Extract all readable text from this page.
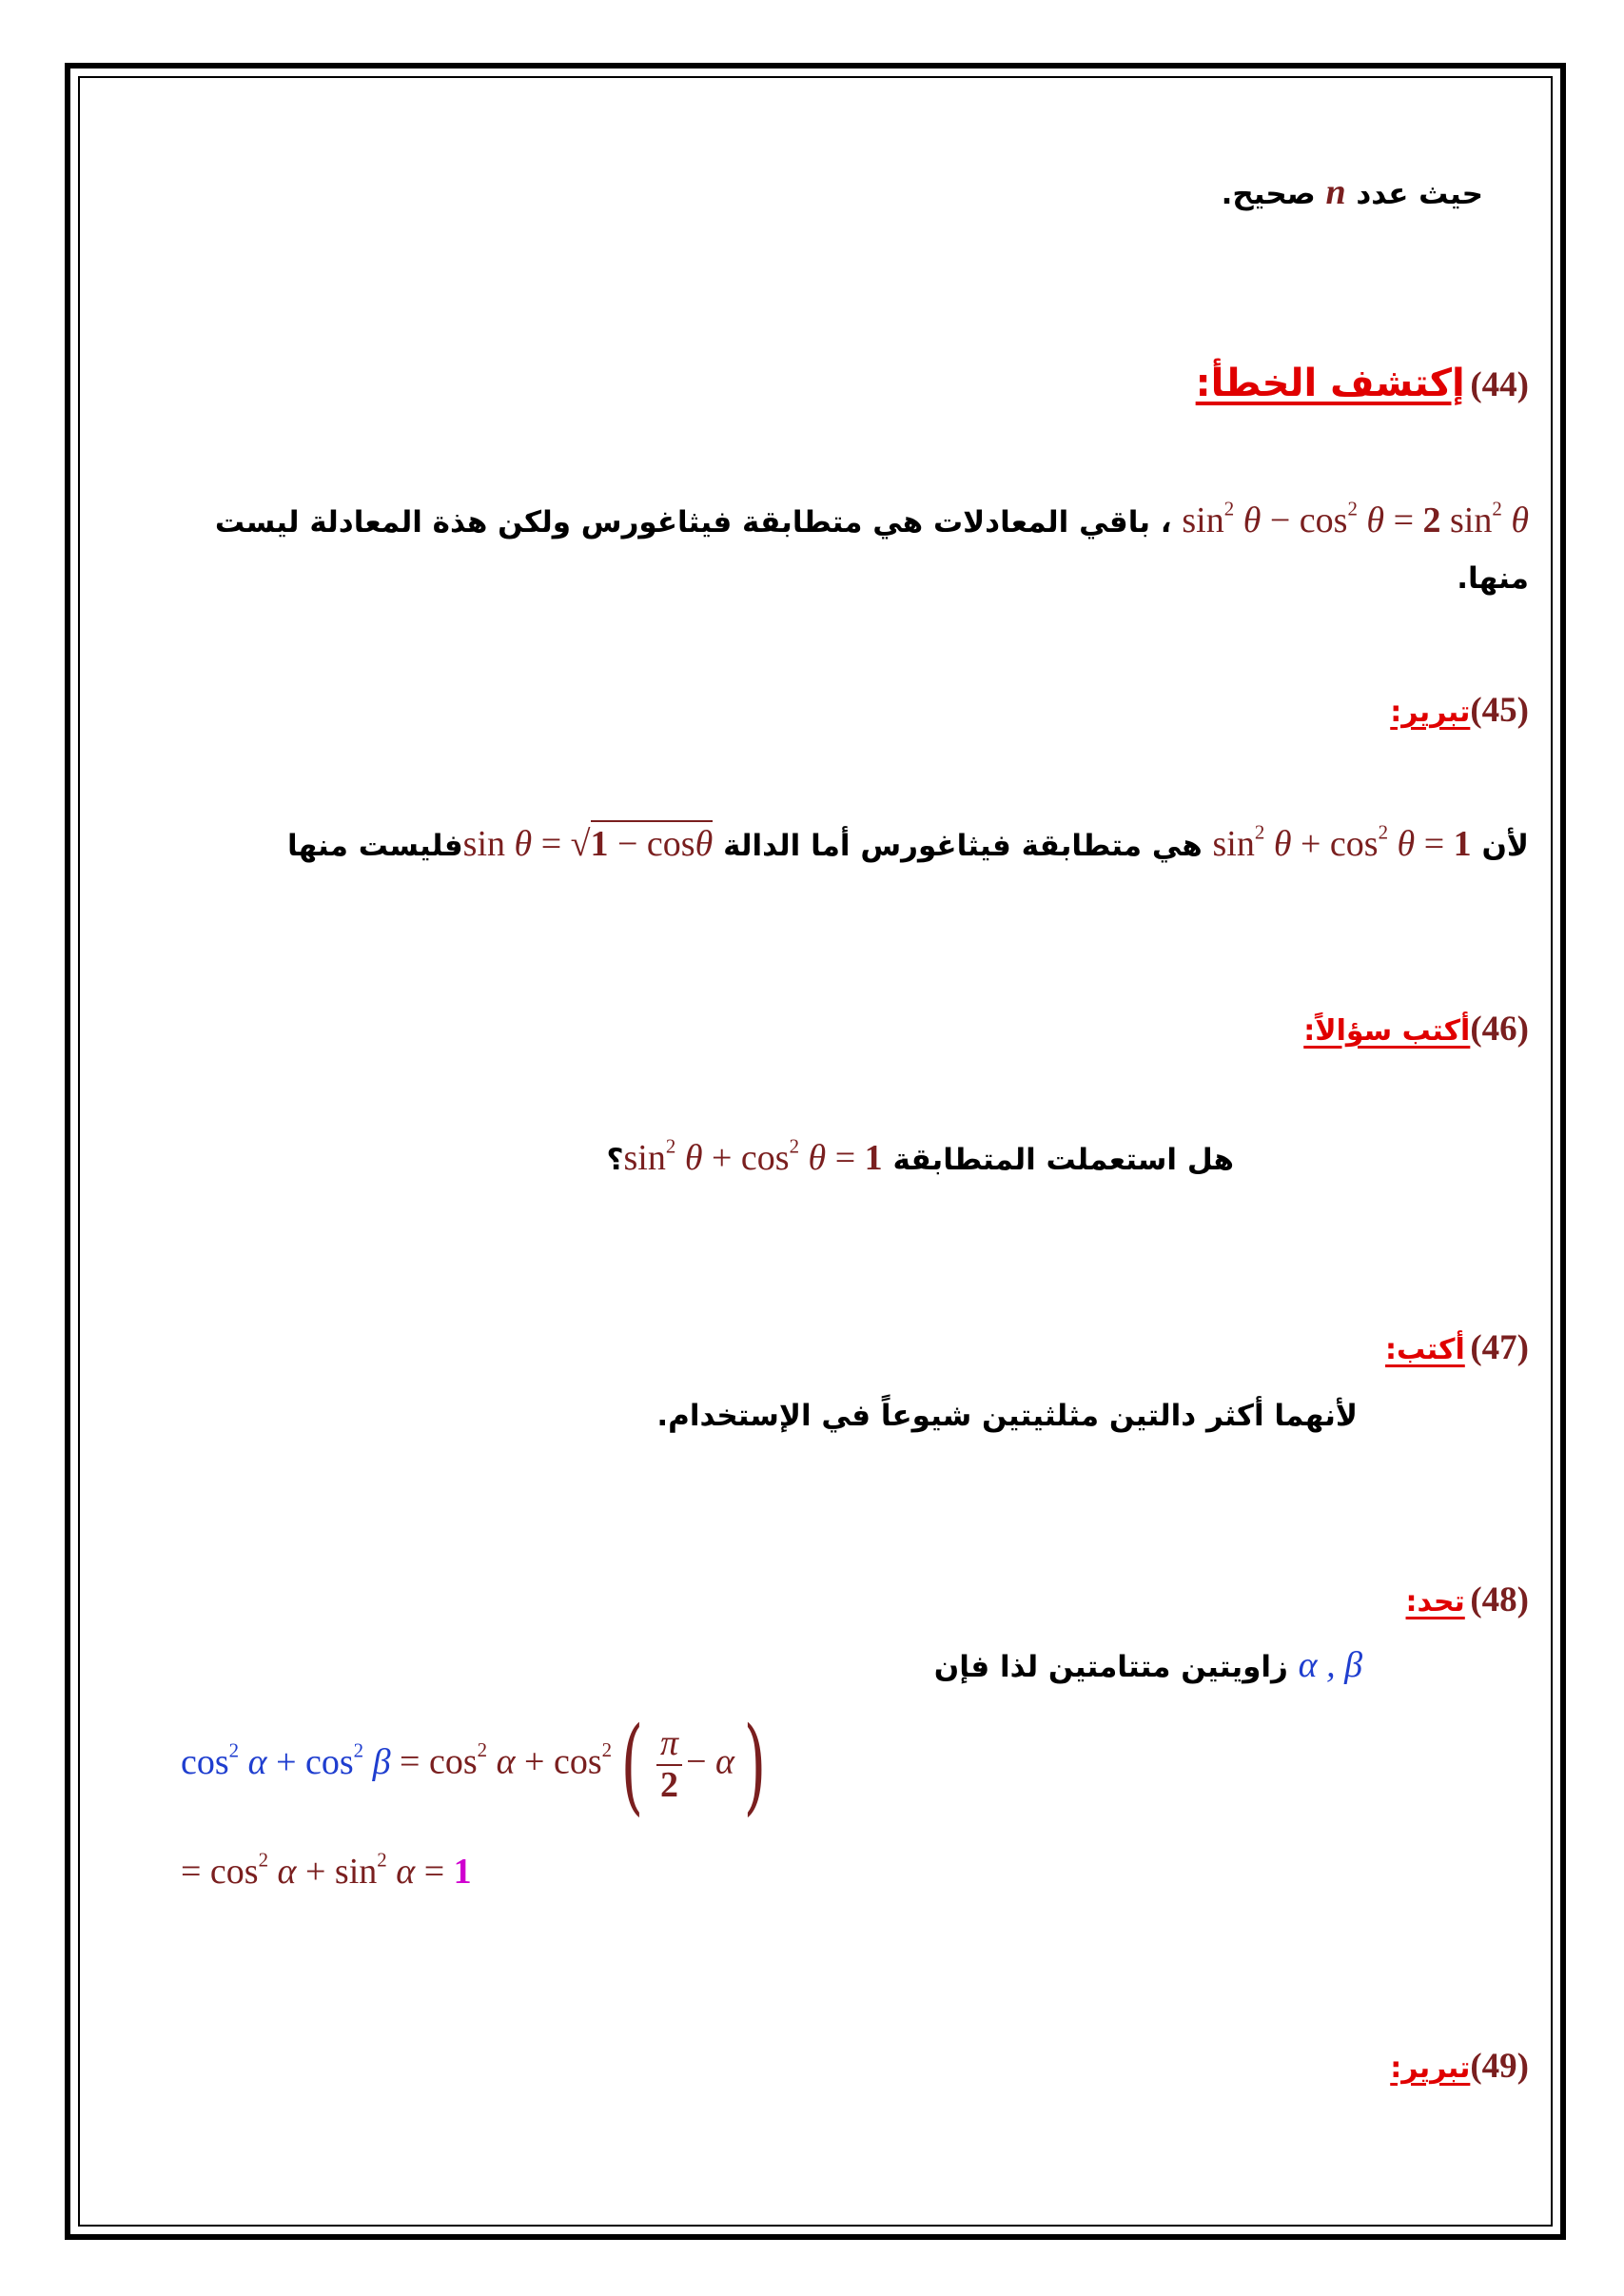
حيث عدد n صحيح.
(44) إكتشف الخطأ:
$\sin^2 \theta - \cos^2 \theta = 2$ $\sin^2 \theta$ ، باقي المعادلات هي متطابقة فيثاغورس ولكن هذة المعادلة ليست
منها.
(45)تبرير:
لأن $\sin^2 \theta + \cos^2 \theta = 1$ هي متطابقة فيثاغورس أما الدالة sin θ = √1 − cosθفليست منها
(46)أكتب سؤالاً:
هل استعملت المتطابقة $\sin^2 \theta + \cos^2 \theta$ = 1؟
(47) أكتب:
لأنهما أكثر دالتين مثلثيتين شيوعاً في الإستخدام.
(48) تحد:
α , β زاويتين متتامتين لذا فإن
$\cos^2 \alpha + \cos^2 \beta = \cos^2 \alpha + \cos^2( \frac{\pi}{2} - \alpha)$
= $\cos^2 \alpha + \sin^2 \alpha = 1$
(49)تبرير:
